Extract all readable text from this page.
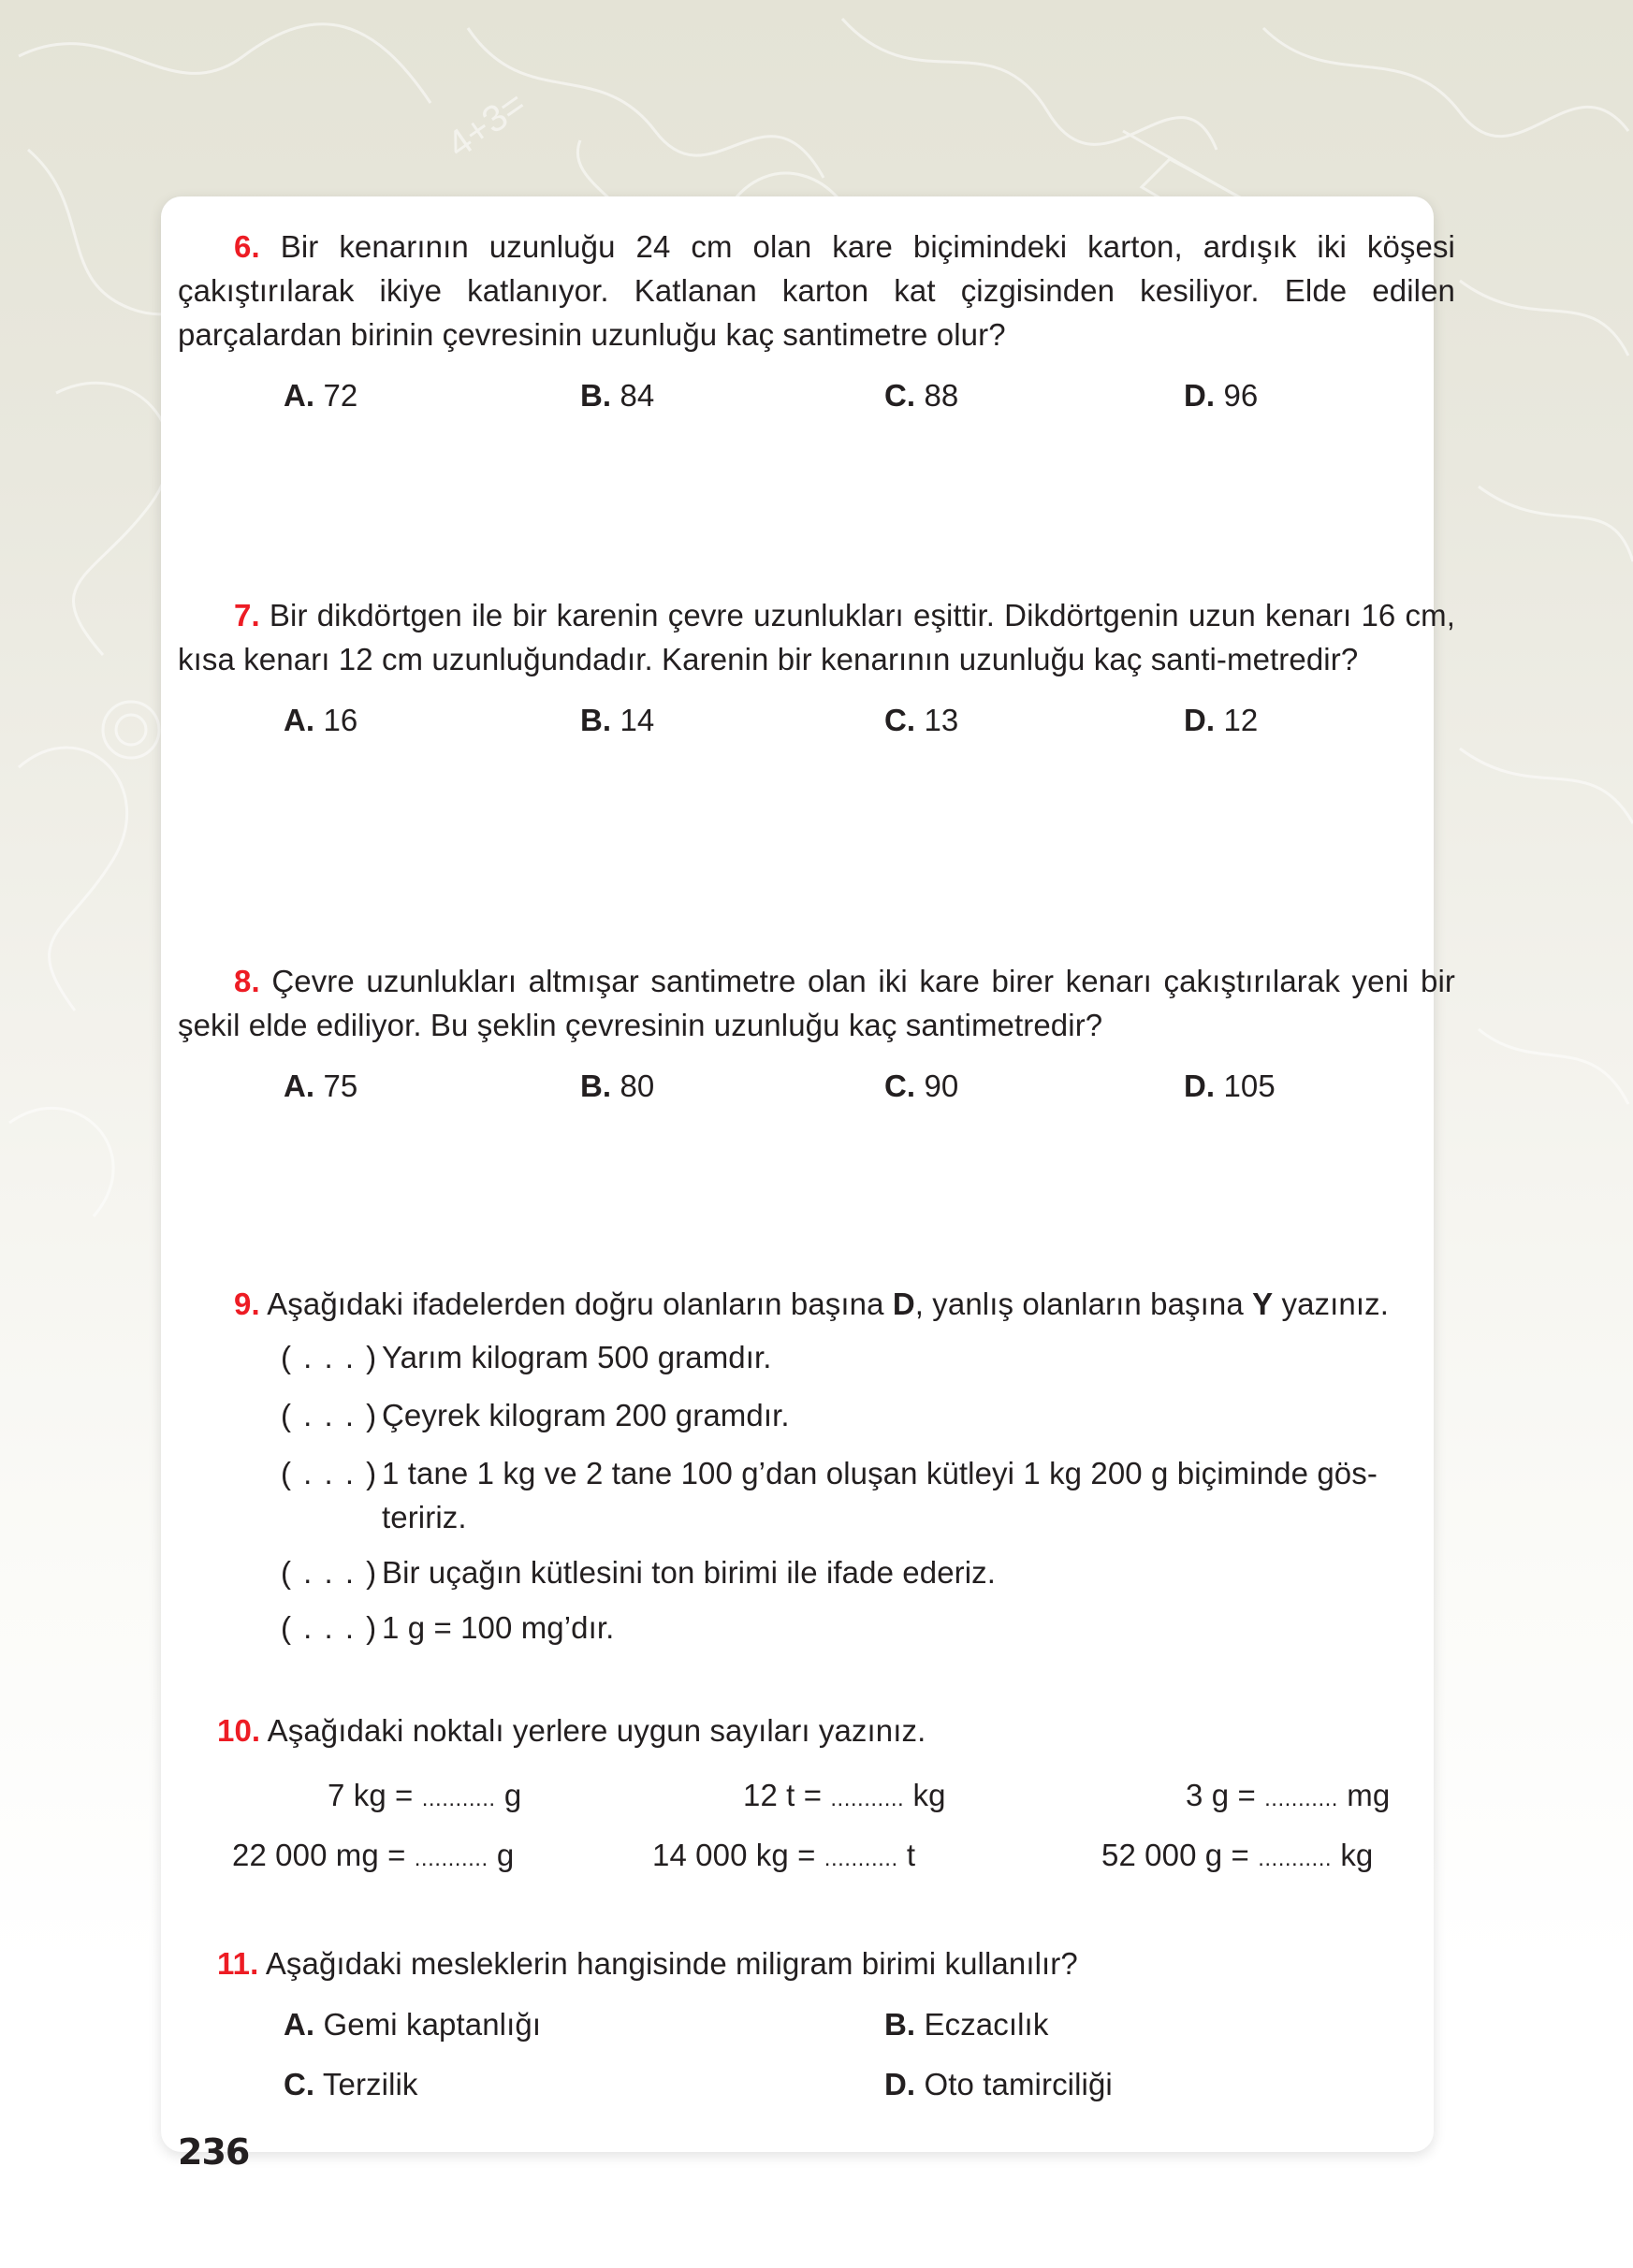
4+3=
6. Bir kenarının uzunluğu 24 cm olan kare biçimindeki karton, ardışık iki köşesi çakıştırılarak ikiye katlanıyor. Katlanan karton kat çizgisinden kesiliyor. Elde edilen parçalardan birinin çevresinin uzunluğu kaç santimetre olur?
A. 72	B. 84	C. 88	D. 96
7. Bir dikdörtgen ile bir karenin çevre uzunlukları eşittir. Dikdörtgenin uzun kenarı 16 cm, kısa kenarı 12 cm uzunluğundadır. Karenin bir kenarının uzunluğu kaç santi-metredir?
A. 16	B. 14	C. 13	D. 12
8. Çevre uzunlukları altmışar santimetre olan iki kare birer kenarı çakıştırılarak yeni bir şekil elde ediliyor. Bu şeklin çevresinin uzunluğu kaç santimetredir?
A. 75	B. 80	C. 90	D. 105
9. Aşağıdaki ifadelerden doğru olanların başına D, yanlış olanların başına Y yazınız.
( . . . ) Yarım kilogram 500 gramdır.
( . . . ) Çeyrek kilogram 200 gramdır.
( . . . ) 1 tane 1 kg ve 2 tane 100 g’dan oluşan kütleyi 1 kg 200 g biçiminde gös-teririz.
( . . . ) Bir uçağın kütlesini ton birimi ile ifade ederiz.
( . . . ) 1 g = 100 mg’dır.
10. Aşağıdaki noktalı yerlere uygun sayıları yazınız.
7 kg = ........... g	12 t = ........... kg	3 g = ........... mg
22 000 mg = ........... g	14 000 kg = ........... t	52 000 g = ........... kg
11. Aşağıdaki mesleklerin hangisinde miligram birimi kullanılır?
A. Gemi kaptanlığı	B. Eczacılık
C. Terzilik	D. Oto tamirciliği
236
